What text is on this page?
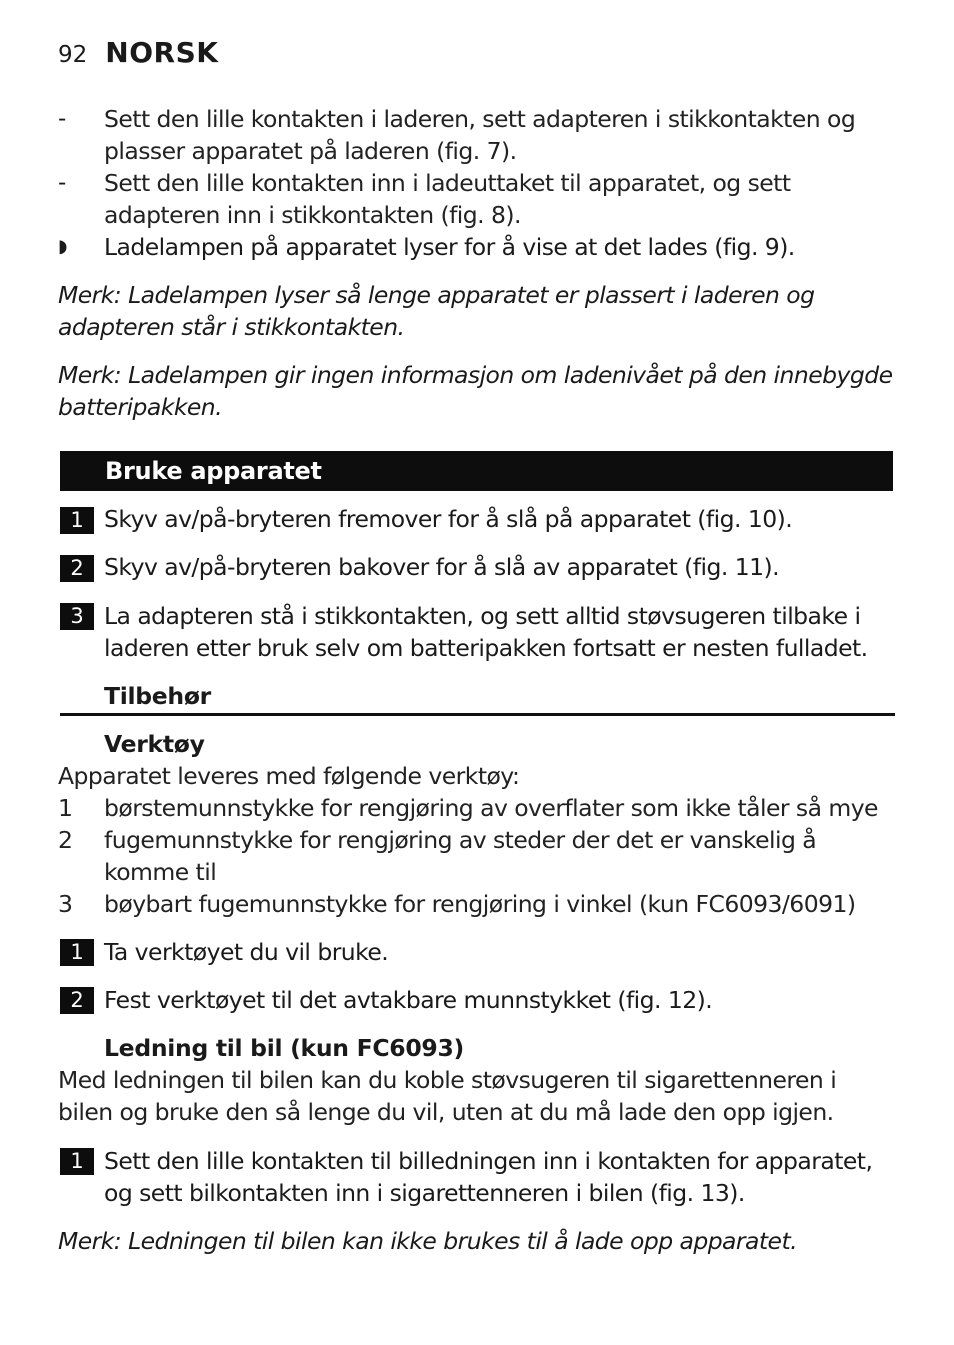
92 NORSK
- Sett den lille kontakten i laderen, sett adapteren i stikkontakten og
plasser apparatet på laderen (fig. 7).
- Sett den lille kontakten inn i ladeuttaket til apparatet, og sett
adapteren inn i stikkontakten (fig. 8).
◗ Ladelampen på apparatet lyser for å vise at det lades (fig. 9).
Merk: Ladelampen lyser så lenge apparatet er plassert i laderen og
adapteren står i stikkontakten.
Merk: Ladelampen gir ingen informasjon om ladenivået på den innebygde
batteripakken.
Bruke apparatet
1 Skyv av/på-bryteren fremover for å slå på apparatet (fig. 10).
2 Skyv av/på-bryteren bakover for å slå av apparatet (fig. 11).
3 La adapteren stå i stikkontakten, og sett alltid støvsugeren tilbake i
laderen etter bruk selv om batteripakken fortsatt er nesten fulladet.
Tilbehør
Verktøy
Apparatet leveres med følgende verktøy:
1 børstemunnstykke for rengjøring av overflater som ikke tåler så mye
2 fugemunnstykke for rengjøring av steder der det er vanskelig å
komme til
3 bøybart fugemunnstykke for rengjøring i vinkel (kun FC6093/6091)
1 Ta verktøyet du vil bruke.
2 Fest verktøyet til det avtakbare munnstykket (fig. 12).
Ledning til bil (kun FC6093)
Med ledningen til bilen kan du koble støvsugeren til sigarettenneren i
bilen og bruke den så lenge du vil, uten at du må lade den opp igjen.
1 Sett den lille kontakten til billedningen inn i kontakten for apparatet,
og sett bilkontakten inn i sigarettenneren i bilen (fig. 13).
Merk: Ledningen til bilen kan ikke brukes til å lade opp apparatet.
